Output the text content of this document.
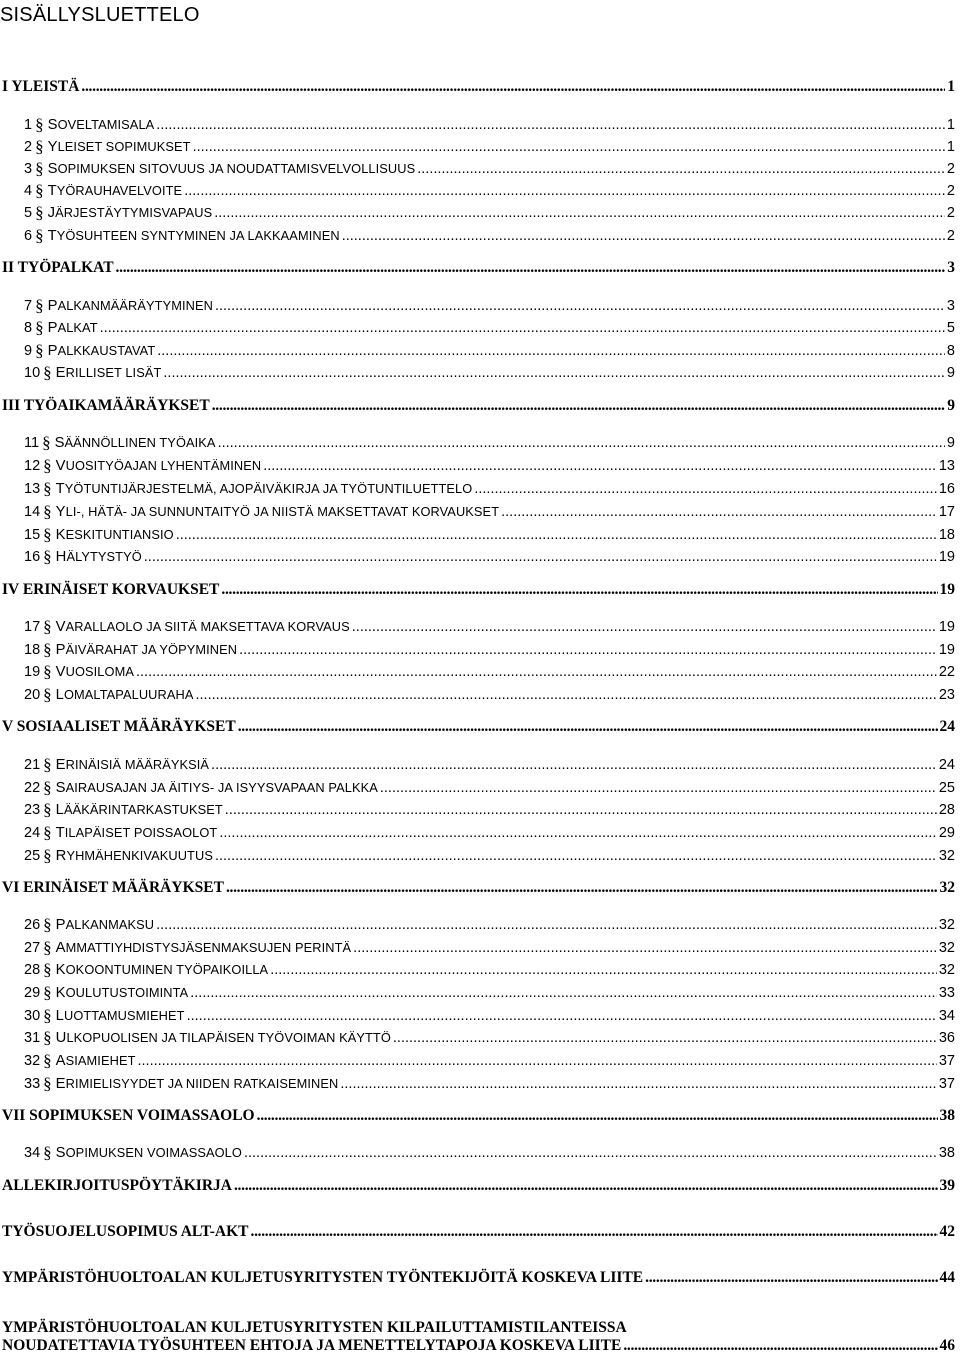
SISÄLLYSLUETTELO
I YLEISTÄ .....	1
1 § SOVELTAMISALA .....	1
2 § YLEISET SOPIMUKSET .....	1
3 § SOPIMUKSEN SITOVUUS JA NOUDATTAMISVELVOLLISUUS .....	2
4 § TYÖRAUHAVELVOITE .....	2
5 § JÄRJESTÄYTYMISVAPAUS .....	2
6 § TYÖSUHTEEN SYNTYMINEN JA LAKKAAMINEN .....	2
II TYÖPALKAT .....	3
7 § PALKANMÄÄRÄYTYMINEN .....	3
8 § PALKAT .....	5
9 § PALKKAUSTAVAT .....	8
10 § ERILLISET LISÄT .....	9
III TYÖAIKAMÄÄRÄYKSET .....	9
11 § SÄÄNNÖLLINEN TYÖAIKA .....	9
12 § VUOSITYÖAJAN LYHENTÄMINEN .....	13
13 § TYÖTUNTIJÄRJESTELMÄ, AJOPÄIVÄKIRJA JA TYÖTUNTILUETTELO .....	16
14 § YLI-, HÄTÄ- JA SUNNUNTAITYÖ JA NIISTÄ MAKSETTAVAT KORVAUKSET .....	17
15 § KESKITUNTIANSIO .....	18
16 § HÄLYTYSTYÖ .....	19
IV ERINÄISET KORVAUKSET .....	19
17 § VARALLAOLO JA SIITÄ MAKSETTAVA KORVAUS .....	19
18 § PÄIVÄRAHAT JA YÖPYMINEN .....	19
19 § VUOSILOMA .....	22
20 § LOMALTAPALUURAHA .....	23
V SOSIAALISET MÄÄRÄYKSET .....	24
21 § ERINÄISIÄ MÄÄRÄYKSIÄ .....	24
22 § SAIRAUSAJAN JA ÄITIYS- JA ISYYSVAPAAN PALKKA .....	25
23 § LÄÄKÄRINTARKASTUKSET .....	28
24 § TILAPÄISET POISSAOLOT .....	29
25 § RYHMÄHENKIVAKUUTUS .....	32
VI ERINÄISET MÄÄRÄYKSET .....	32
26 § PALKANMAKSU .....	32
27 § AMMATTIYHDISTYSJÄSENMAKSUJEN PERINTÄ .....	32
28 § KOKOONTUMINEN TYÖPAIKOILLA .....	32
29 § KOULUTUSTOIMINTA .....	33
30 § LUOTTAMUSMIEHET .....	34
31 § ULKOPUOLISEN JA TILAPÄISEN TYÖVOIMAN KÄYTTÖ .....	36
32 § ASIAMIEHET .....	37
33 § ERIMIELISYYDET JA NIIDEN RATKAISEMINEN .....	37
VII SOPIMUKSEN VOIMASSAOLO .....	38
34 § SOPIMUKSEN VOIMASSAOLO .....	38
ALLEKIRJOITUSPÖYTÄKIRJA .....	39
TYÖSUOJELUSOPIMUS ALT-AKT .....	42
YMPÄRISTÖHUOLTOALAN KULJETUSYRITYSTEN TYÖNTEKIJÖITÄ KOSKEVA LIITE .....	44
YMPÄRISTÖHUOLTOALAN KULJETUSYRITYSTEN KILPAILUTTAMISTILANTEISSA
NOUDATETTAVIA TYÖSUHTEEN EHTOJA JA MENETTELYTAPOJA KOSKEVA LIITE .....	46
